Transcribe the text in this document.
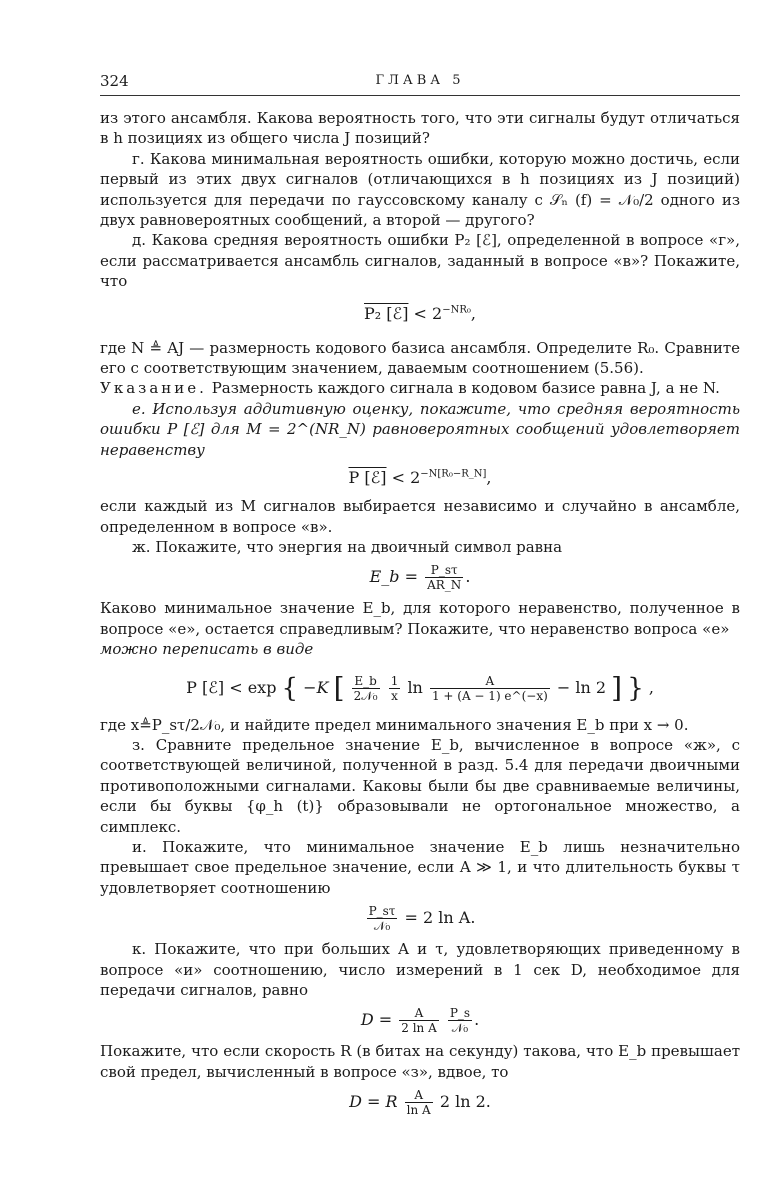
324	ГЛАВА 5

из этого ансамбля. Какова вероятность того, что эти сигналы будут отличаться в h позициях из общего числа J позиций?

г. Какова минимальная вероятность ошибки, которую можно достичь, если первый из этих двух сигналов (отличающихся в h позициях из J позиций) используется для передачи по гауссовскому каналу с 𝒮ₙ (f) = 𝒩₀/2 одного из двух равновероятных сообщений, а второй — другого?

д. Какова средняя вероятность ошибки P₂ [ℰ], определенной в вопросе «г», если рассматривается ансамбль сигналов, заданный в вопросе «в»? Покажите, что

P₂ [ℰ] < $2^{-NR_0}$,

где N ≜ AJ — размерность кодового базиса ансамбля. Определите R₀. Сравните его с соответствующим значением, даваемым соотношением (5.56).

Указание. Размерность каждого сигнала в кодовом базисе равна J, а не N.

е. Используя аддитивную оценку, покажите, что средняя вероятность ошибки P [ℰ] для M = 2^(NR_N) равновероятных сообщений удовлетворяет неравенству

P [ℰ] < $2^{-N[R_0-R\_N]}$,

если каждый из M сигналов выбирается независимо и случайно в ансамбле, определенном в вопросе «в».

ж. Покажите, что энергия на двоичный символ равна

E_b = $\frac{P\_s\tau}{AR\_N}$ .

Каково минимальное значение E_b, для которого неравенство, полученное в вопросе «е», остается справедливым? Покажите, что неравенство вопроса «е»

можно переписать в виде

P [ℰ] < exp { −K [ $\frac{E\_b}{\text{2𝒩₀}}$
$\frac{1}{x}$ $\ln \frac{A}{1 + (A - 1) e\^{}(-x)} - \ln 2$ ] } ,

где x≜P_sτ/2𝒩₀, и найдите предел минимального значения E_b при x → 0.

з. Сравните предельное значение E_b, вычисленное в вопросе «ж», с соответствующей величиной, полученной в разд. 5.4 для передачи двоичными противоположными сигналами. Каковы были бы две сравниваемые величины, если бы буквы {φ_h (t)} образовывали не ортогональное множество, а симплекс.

и. Покажите, что минимальное значение E_b лишь незначительно превышает свое предельное значение, если A ≫ 1, и что длительность буквы τ удовлетворяет соотношению

$\frac{P\_s\tau}{\text{𝒩₀}} = 2$ ln A.

к. Покажите, что при больших A и τ, удовлетворяющих приведенному в вопросе «и» соотношению, число измерений в 1 сек D, необходимое для передачи сигналов, равно

$D = \frac{A}{\text{2 ln A}}$
$\frac{P\_s}{\text{𝒩₀}}$ .

Покажите, что если скорость R (в битах на секунду) такова, что E_b превышает свой предел, вычисленный в вопросе «з», вдвое, то

D = R $\frac{A}{\text{ln A}} 2$ ln 2.
